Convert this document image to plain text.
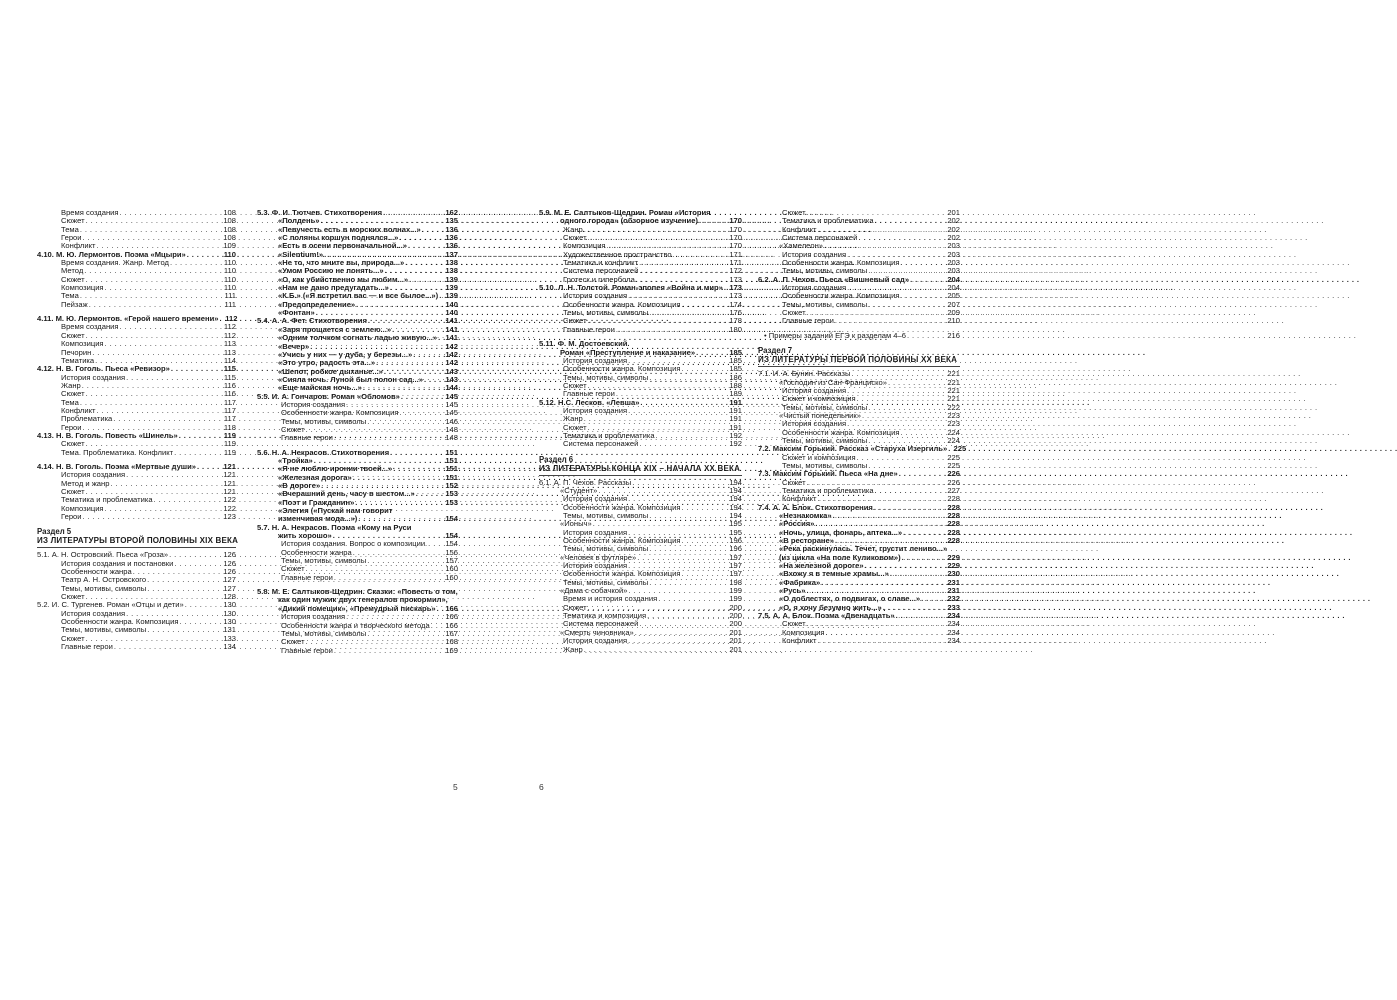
Время создания . . .	108
Сюжет . . .	108
Тема . . .	108
Герои . . .	108
Конфликт . . .	109
4.10. М. Ю. Лермонтов. Поэма «Мцыри» . . .	110
Время создания. Жанр. Метод . . .	110
Метод . . .	110
Сюжет . . .	110
Композиция . . .	110
Тема . . .	111
Пейзаж . . .	111
4.11. М. Ю. Лермонтов. «Герой нашего времени» . . . 112
Время создания . . .	112
Сюжет . . .	112
Композиция . . .	113
Печорин . . .	113
Тематика . . .	114
4.12. Н. В. Гоголь. Пьеса «Ревизор» . . .	115
История создания . . .	115
Жанр . . .	116
Сюжет . . .	116
Тема . . .	117
Конфликт . . .	117
Проблематика . . .	117
Герои . . .	118
4.13. Н. В. Гоголь. Повесть «Шинель» . . .	119
Сюжет . . .	119
Тема. Проблематика. Конфликт . . .	119
4.14. Н. В. Гоголь. Поэма «Мертвые души» . . .	121
История создания . . .	121
Метод и жанр . . .	121
Сюжет . . .	121
Тематика и проблематика . . .	122
Композиция . . .	122
Герои . . .	123
Раздел 5
ИЗ ЛИТЕРАТУРЫ ВТОРОЙ ПОЛОВИНЫ XIX ВЕКА
5.1. А. Н. Островский. Пьеса «Гроза» . . .	126
История создания и постановки . . .	126
Особенности жанра . . .	126
Театр А. Н. Островского . . .	127
Темы, мотивы, символы . . .	127
Сюжет . . .	128
5.2. И. С. Тургенев. Роман «Отцы и дети» . . .	130
История создания . . .	130
Особенности жанра. Композиция . . .	130
Темы, мотивы, символы . . .	131
Сюжет . . .	133
Главные герои . . .	134
5.3. Ф. И. Тютчев. Стихотворения . . .	162
«Полдень» . . .	135
«Певучесть есть в морских волнах...» . . .	136
«С поляны коршун поднялся...» . . .	136
«Есть в осени первоначальной...» . . .	136
«Silentium!» . . .	137
«Не то, что мните вы, природа...» . . .	138
«Умом Россию не понять...» . . .	138
«О, как убийственно мы любим...» . . .	139
«Нам не дано предугадать...» . . .	139
«К.Б.» («Я встретил вас — и все былое...») . . . 139
«Предопределение» . . .	140
«Фонтан» . . .	140
5.4. А. А. Фет. Стихотворения . . .	141
«Заря прощается с землею...» . . .	141
«Одним толчком согнать ладью живую...» . . . 141
«Вечер» . . .	142
«Учись у них — у дуба, у березы...» . . .	142
«Это утро, радость эта...» . . .	142
«Шепот, робкое дыханье...» . . .	143
«Сияла ночь. Луной был полон сад...» . . .	143
«Еще майская ночь...» . . .	144
5.5. И. А. Гончаров. Роман «Обломов» . . .	145
История создания . . .	145
Особенности жанра. Композиция . . .	145
Темы, мотивы, символы . . .	146
Сюжет . . .	148
Главные герои . . .	148
5.6. Н. А. Некрасов. Стихотворения . . .	151
«Тройка» . . .	151
«Я не люблю иронии твоей...» . . .	151
«Железная дорога» . . .	151
«В дороге» . . .	152
«Вчерашний день, часу в шестом...» . . .	153
«Поэт и Гражданин» . . .	153
«Элегия («Пускай нам говорит
изменчивая мода...») . . .	154
5.7. Н. А. Некрасов. Поэма «Кому на Руси
жить хорошо» . . .	154
История создания. Вопрос о композиции. . . . 154
Особенности жанра . . .	156
Темы, мотивы, символы . . .	157
Сюжет . . .	160
Главные герои . . .	160
5.8. М. Е. Салтыков-Щедрин. Сказки: «Повесть о том,
как один мужик двух генералов прокормил»,
«Дикий помещик», «Премудрый пискарь» . . . 166
История создания . . .	166
Особенности жанра и творческого метода . . . 166
Темы, мотивы, символы . . .	167
Сюжет . . .	168
Главные герои . . .	169
5.9. М. Е. Салтыков-Щедрин. Роман «История
одного города» (обзорное изучение) . . .	170
Жанр . . .	170
Сюжет . . .	170
Композиция . . .	170
Художественное пространство . . .	171
Тематика и конфликт . . .	171
Система персонажей . . .	172
Гротеск и гипербола . . .	173
5.10. Л. Н. Толстой. Роман-эпопея «Война и мир» . . . 173
История создания . . .	173
Особенности жанра. Композиция . . .	174
Темы, мотивы, символы . . .	176
Сюжет . . .	178
Главные герои . . .	180
5.11. Ф. М. Достоевский.
Роман «Преступление и наказание» . . .	185
История создания . . .	185
Особенности жанра. Композиция . . .	185
Темы, мотивы, символы . . .	186
Сюжет . . .	188
Главные герои . . .	189
5.12. Н.С. Лесков. «Левша» . . .	191
История создания . . .	191
Жанр . . .	191
Сюжет . . .	191
Тематика и проблематика . . .	192
Система персонажей . . .	192
Раздел 6
ИЗ ЛИТЕРАТУРЫ КОНЦА XIX – НАЧАЛА XX ВЕКА
6.1. А. П. Чехов. Рассказы . . .	194
«Студент» . . .	194
История создания . . .	194
Особенности жанра. Композиция . . .	194
Темы, мотивы, символы . . .	194
«Ионыч» . . .	195
История создания . . .	195
Особенности жанра. Композиция . . .	196
Темы, мотивы, символы . . .	196
«Человек в футляре» . . .	197
История создания . . .	197
Особенности жанра. Композиция . . .	197
Темы, мотивы, символы . . .	198
«Дама с собачкой» . . .	199
Время и история создания . . .	199
Сюжет . . .	200
Тематика и композиция . . .	200
Система персонажей . . .	200
«Смерть чиновника» . . .	201
История создания . . .	201
Жанр . . .	201
Сюжет . . .	201
Тематика и проблематика . . .	202
Конфликт . . .	202
Система персонажей . . .	202
«Хамелеон» . . .	203
История создания . . .	203
Особенности жанра. Композиция . . .	203
Темы, мотивы, символы . . .	203
6.2. А. П. Чехов. Пьеса «Вишневый сад» . . .	204
История создания . . .	204
Особенности жанра. Композиция . . .	205
Темы, мотивы, символы . . .	207
Сюжет . . .	209
Главные герои . . .	210
• Примеры заданий ЕГЭ к разделам 4–6 . . .	216
Раздел 7
ИЗ ЛИТЕРАТУРЫ ПЕРВОЙ ПОЛОВИНЫ XX ВЕКА
7.1. И. А. Бунин. Рассказы . . .	221
«Господин из Сан-Франциско» . . .	221
История создания . . .	221
Сюжет и композиция . . .	221
Темы, мотивы, символы . . .	222
«Чистый понедельник» . . .	223
История создания . . .	223
Особенности жанра. Композиция . . .	224
Темы, мотивы, символы . . .	224
7.2. Максим Горький. Рассказ «Старуха Изергиль» . . . 225
Сюжет и композиция . . .	225
Темы, мотивы, символы . . .	225
7.3. Максим Горький. Пьеса «На дне» . . .	226
Сюжет . . .	226
Тематика и проблематика . . .	227
Конфликт . . .	228
7.4. А. А. Блок. Стихотворения . . .	228
«Незнакомка» . . .	228
«Россия» . . .	228
«Ночь, улица, фонарь, аптека...» . . .	228
«В ресторане» . . .	228
«Река раскинулась. Течет, грустит лениво...»
(из цикла «На поле Куликовом») . . .	229
«На железной дороге» . . .	229
«Вхожу я в темные храмы...» . . .	230
«Фабрика» . . .	231
«Русь» . . .	231
«О доблестях, о подвигах, о славе...» . . .	232
«О, я хочу безумно жить...» . . .	233
7.5. А. А. Блок. Поэма «Двенадцать» . . .	234
Сюжет . . .	234
Композиция . . .	234
Конфликт . . .	234
5	6
